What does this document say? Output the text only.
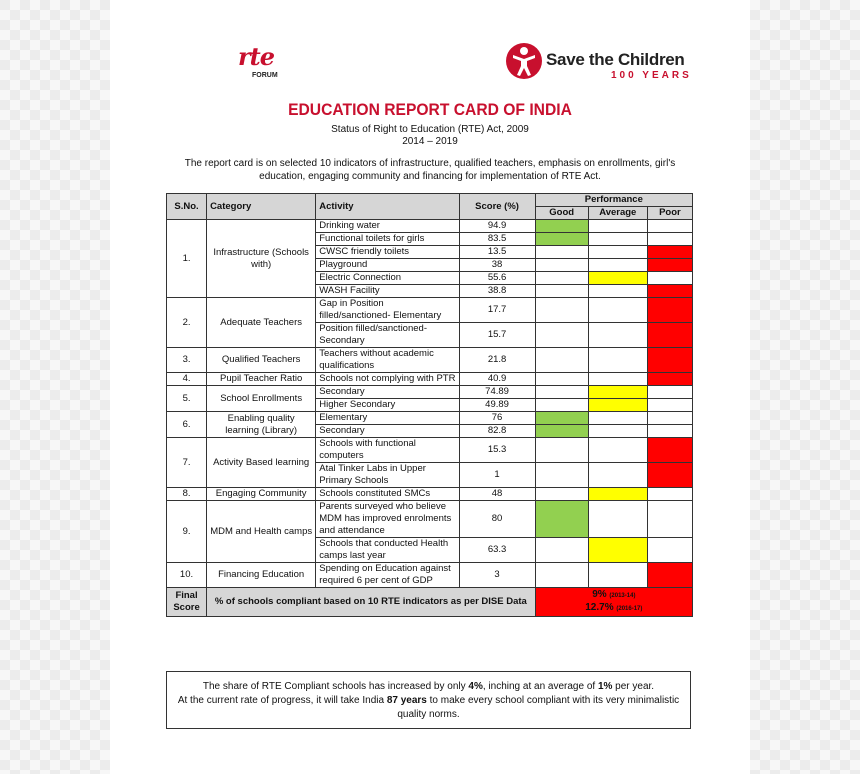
rte
FORUM
Save the Children
100 YEARS
EDUCATION REPORT CARD OF INDIA
Status of Right to Education (RTE) Act, 2009
2014 – 2019
The report card is on selected 10 indicators of infrastructure, qualified teachers, emphasis on enrollments, girl's education, engaging community and financing for implementation of RTE Act.
S.No.	Category	Activity	Score (%)	Performance		
				Good	Average	Poor
1.	Infrastructure (Schools with)	Drinking water	94.9			
		Functional toilets for girls	83.5			
		CWSC friendly toilets	13.5			
		Playground	38			
		Electric Connection	55.6			
		WASH Facility	38.8			
2.	Adequate Teachers	Gap in Position filled/sanctioned- Elementary	17.7			
		Position filled/sanctioned- Secondary	15.7			
3.	Qualified Teachers	Teachers without academic qualifications	21.8			
4.	Pupil Teacher Ratio	Schools not complying with PTR	40.9			
5.	School Enrollments	Secondary	74.89			
		Higher Secondary	49.89			
6.	Enabling quality learning (Library)	Elementary	76			
		Secondary	82.8			
7.	Activity Based learning	Schools with functional computers	15.3			
		Atal Tinker Labs in Upper Primary Schools	1			
8.	Engaging Community	Schools constituted SMCs	48			
9.	MDM and Health camps	Parents surveyed who believe MDM has improved enrolments and attendance	80			
		Schools that conducted Health camps last year	63.3			
10.	Financing Education	Spending on Education against required 6 per cent of GDP	3			
Final Score	% of schools compliant based on 10 RTE indicators as per DISE Data			9% (2013-14)
12.7% (2016-17)		
The share of RTE Compliant schools has increased by only 4%, inching at an average of 1% per year.
At the current rate of progress, it will take India 87 years to make every school compliant with its very minimalistic quality norms.
